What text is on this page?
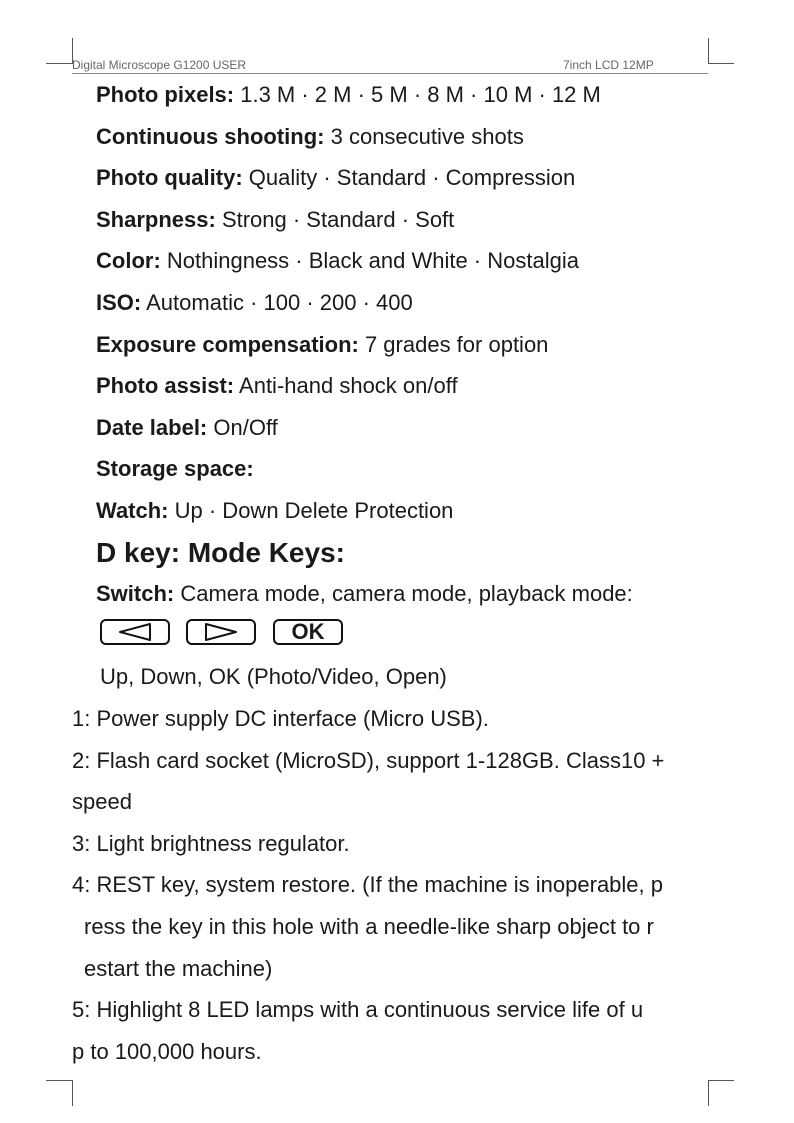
Digital Microscope G1200 USER	7inch LCD 12MP
Photo pixels: 1.3 M · 2 M · 5 M · 8 M · 10 M · 12 M
Continuous shooting: 3 consecutive shots
Photo quality: Quality · Standard · Compression
Sharpness: Strong · Standard · Soft
Color: Nothingness · Black and White · Nostalgia
ISO: Automatic · 100 · 200 · 400
Exposure compensation: 7 grades for option
Photo assist: Anti-hand shock on/off
Date label: On/Off
Storage space:
Watch: Up · Down Delete Protection
D key: Mode Keys:
Switch: Camera mode, camera mode, playback mode:
OK
Up, Down, OK (Photo/Video, Open)
1: Power supply DC interface (Micro USB).
2: Flash card socket (MicroSD), support 1-128GB. Class10 +
speed
3: Light brightness regulator.
4: REST key, system restore. (If the machine is inoperable, p
ress the key in this hole with a needle-like sharp object to r
estart the machine)
5: Highlight 8 LED lamps with a continuous service life of u
p to 100,000 hours.
